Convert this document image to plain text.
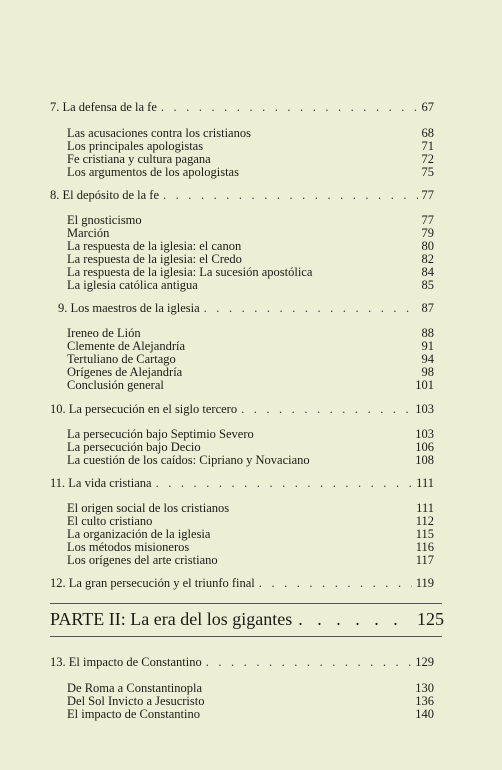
7. La defensa de la fe . . .	67
Las acusaciones contra los cristianos	68
Los principales apologistas	71
Fe cristiana y cultura pagana	72
Los argumentos de los apologistas	75
8. El depósito de la fe . . .	77
El gnosticismo	77
Marción	79
La respuesta de la iglesia: el canon	80
La respuesta de la iglesia: el Credo	82
La respuesta de la iglesia: La sucesión apostólica	84
La iglesia católica antigua	85
9. Los maestros de la iglesia . . .	87
Ireneo de Lión	88
Clemente de Alejandría	91
Tertuliano de Cartago	94
Orígenes de Alejandría	98
Conclusión general	101
10. La persecución en el siglo tercero . . .	103
La persecución bajo Septimio Severo	103
La persecución bajo Decio	106
La cuestión de los caídos: Cipriano y Novaciano	108
11. La vida cristiana . . .	111
El origen social de los cristianos	111
El culto cristiano	112
La organización de la iglesia	115
Los métodos misioneros	116
Los orígenes del arte cristiano	117
12. La gran persecución y el triunfo final . . .	119
PARTE II: La era del los gigantes . . .	125
13. El impacto de Constantino . . .	129
De Roma a Constantinopla	130
Del Sol Invicto a Jesucristo	136
El impacto de Constantino	140
